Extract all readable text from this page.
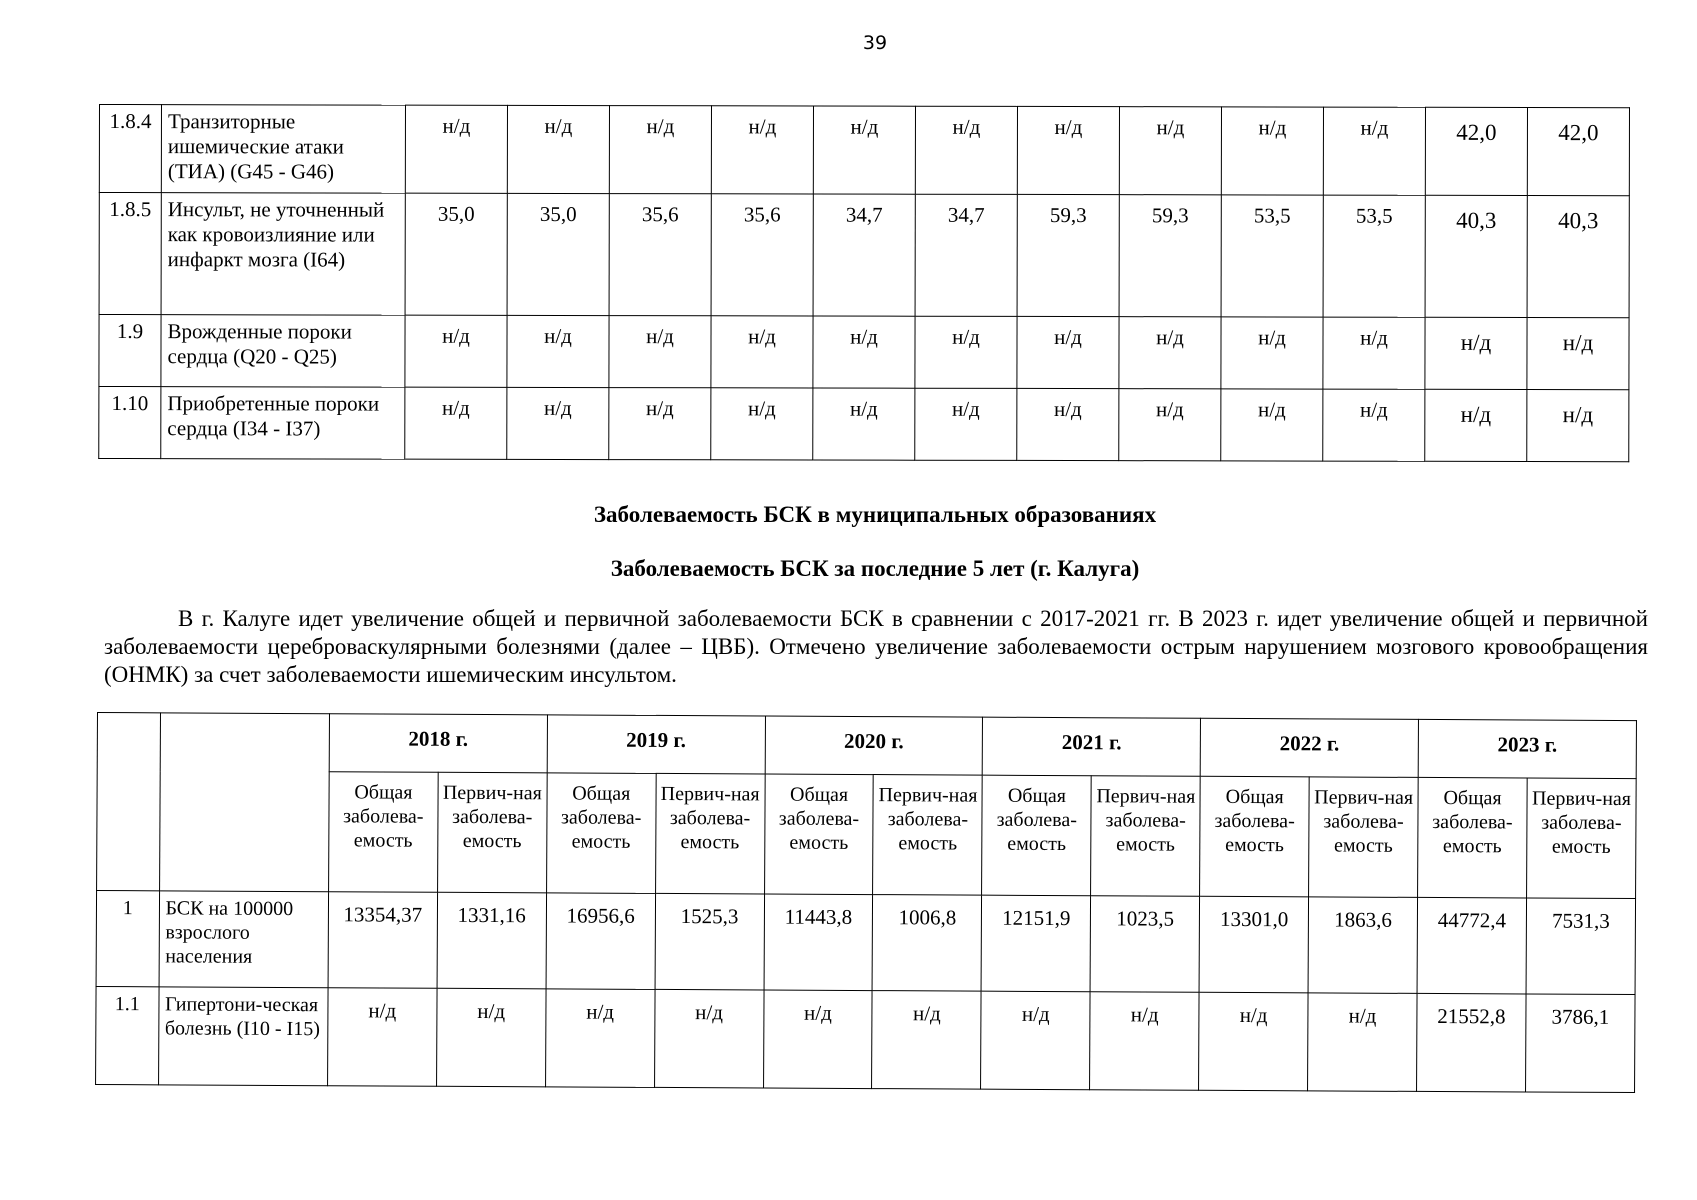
39
1.8.4	Транзиторные ишемические атаки (ТИА) (G45 - G46)	н/д	н/д	н/д	н/д	н/д	н/д	н/д	н/д	н/д	н/д	42,0	42,0
1.8.5	Инсульт, не уточненный как кровоизлияние или инфаркт мозга (I64)	35,0	35,0	35,6	35,6	34,7	34,7	59,3	59,3	53,5	53,5	40,3	40,3
1.9	Врожденные пороки сердца (Q20 - Q25)	н/д	н/д	н/д	н/д	н/д	н/д	н/д	н/д	н/д	н/д	н/д	н/д
1.10	Приобретенные пороки сердца (I34 - I37)	н/д	н/д	н/д	н/д	н/д	н/д	н/д	н/д	н/д	н/д	н/д	н/д
Заболеваемость БСК в муниципальных образованиях
Заболеваемость БСК за последние 5 лет (г. Калуга)
В г. Калуге идет увеличение общей и первичной заболеваемости БСК в сравнении с 2017-2021 гг. В 2023 г. идет увеличение общей и первичной заболеваемости цереброваскулярными болезнями (далее – ЦВБ). Отмечено увеличение заболеваемости острым нарушением мозгового кровообращения (ОНМК) за счет заболеваемости ишемическим инсультом.
		2018 г.		2019 г.		2020 г.		2021 г.		2022 г.		2023 г.	
		Общая заболева-емость	Первич-ная заболева-емость	Общая заболева-емость	Первич-ная заболева-емость	Общая заболева-емость	Первич-ная заболева-емость	Общая заболева-емость	Первич-ная заболева-емость	Общая заболева-емость	Первич-ная заболева-емость	Общая заболева-емость	Первич-ная заболева-емость
1	БСК на 100000 взрослого населения	13354,37	1331,16	16956,6	1525,3	11443,8	1006,8	12151,9	1023,5	13301,0	1863,6	44772,4	7531,3
1.1	Гипертони-ческая болезнь (I10 - I15)	н/д	н/д	н/д	н/д	н/д	н/д	н/д	н/д	н/д	н/д	21552,8	3786,1
